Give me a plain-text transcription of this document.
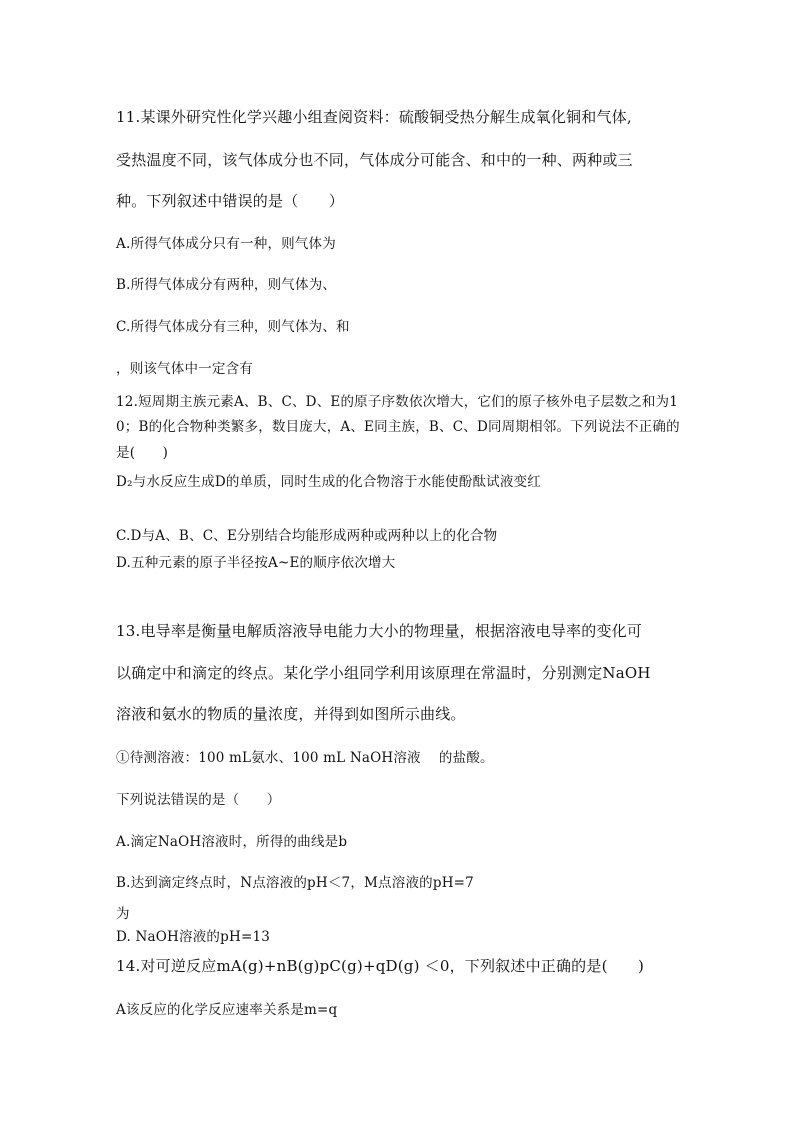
11.某课外研究性化学兴趣小组查阅资料：硫酸铜受热分解生成氧化铜和气体,
受热温度不同，该气体成分也不同，气体成分可能含、和中的一种、两种或三
种。下列叙述中错误的是（　　）
A.所得气体成分只有一种，则气体为
B.所得气体成分有两种，则气体为、
C.所得气体成分有三种，则气体为、和
，则该气体中一定含有
12.短周期主族元素A、B、C、D、E的原子序数依次增大，它们的原子核外电子层数之和为1
0；B的化合物种类繁多，数目庞大，A、E同主族，B、C、D同周期相邻。下列说法不正确的
是(　　)
D₂与水反应生成D的单质，同时生成的化合物溶于水能使酚酞试液变红
C.D与A、B、C、E分别结合均能形成两种或两种以上的化合物
D.五种元素的原子半径按A~E的顺序依次增大
13.电导率是衡量电解质溶液导电能力大小的物理量，根据溶液电导率的变化可
以确定中和滴定的终点。某化学小组同学利用该原理在常温时，分别测定NaOH
溶液和氨水的物质的量浓度，并得到如图所示曲线。
①待测溶液：100 mL氨水、100 mL NaOH溶液　 的盐酸。
下列说法错误的是（　　）
A.滴定NaOH溶液时，所得的曲线是b
B.达到滴定终点时，N点溶液的pH＜7，M点溶液的pH=7
为
D. NaOH溶液的pH=13
14.对可逆反应mA(g)+nB(g)pC(g)+qD(g) ＜0，下列叙述中正确的是(　　)
A该反应的化学反应速率关系是m=q
